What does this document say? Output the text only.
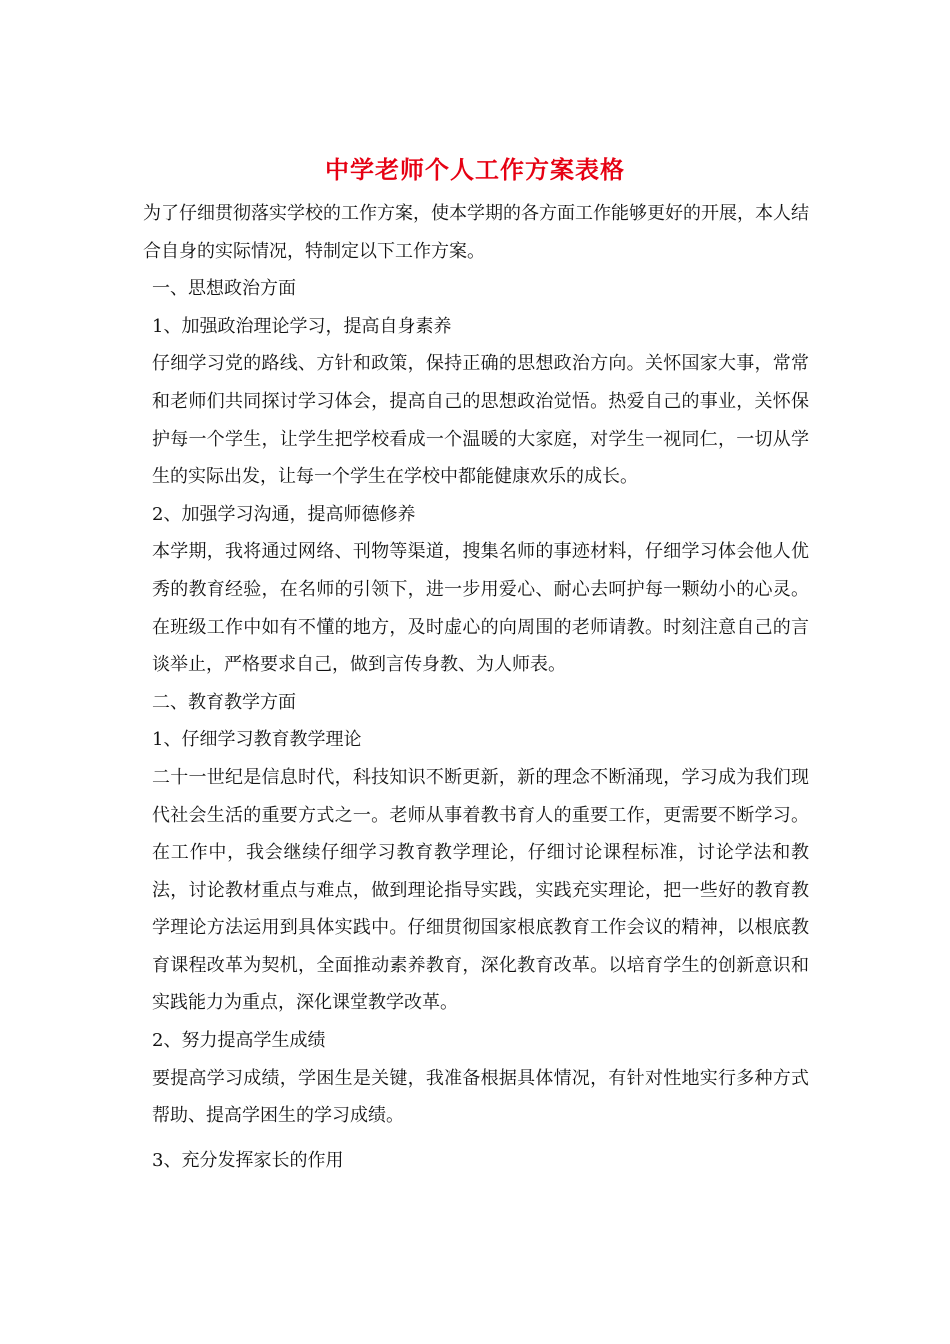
中学老师个人工作方案表格

为了仔细贯彻落实学校的工作方案，使本学期的各方面工作能够更好的开展，本人结合自身的实际情况，特制定以下工作方案。

一、思想政治方面

1、加强政治理论学习，提高自身素养

仔细学习党的路线、方针和政策，保持正确的思想政治方向。关怀国家大事，常常和老师们共同探讨学习体会，提高自己的思想政治觉悟。热爱自己的事业，关怀保护每一个学生，让学生把学校看成一个温暖的大家庭，对学生一视同仁，一切从学生的实际出发，让每一个学生在学校中都能健康欢乐的成长。

2、加强学习沟通，提高师德修养

本学期，我将通过网络、刊物等渠道，搜集名师的事迹材料，仔细学习体会他人优秀的教育经验，在名师的引领下，进一步用爱心、耐心去呵护每一颗幼小的心灵。在班级工作中如有不懂的地方，及时虚心的向周围的老师请教。时刻注意自己的言谈举止，严格要求自己，做到言传身教、为人师表。

二、教育教学方面

1、仔细学习教育教学理论

二十一世纪是信息时代，科技知识不断更新，新的理念不断涌现，学习成为我们现代社会生活的重要方式之一。老师从事着教书育人的重要工作，更需要不断学习。在工作中，我会继续仔细学习教育教学理论，仔细讨论课程标准，讨论学法和教法，讨论教材重点与难点，做到理论指导实践，实践充实理论，把一些好的教育教学理论方法运用到具体实践中。仔细贯彻国家根底教育工作会议的精神，以根底教育课程改革为契机，全面推动素养教育，深化教育改革。以培育学生的创新意识和实践能力为重点，深化课堂教学改革。

2、努力提高学生成绩

要提高学习成绩，学困生是关键，我准备根据具体情况，有针对性地实行多种方式帮助、提高学困生的学习成绩。

3、充分发挥家长的作用
